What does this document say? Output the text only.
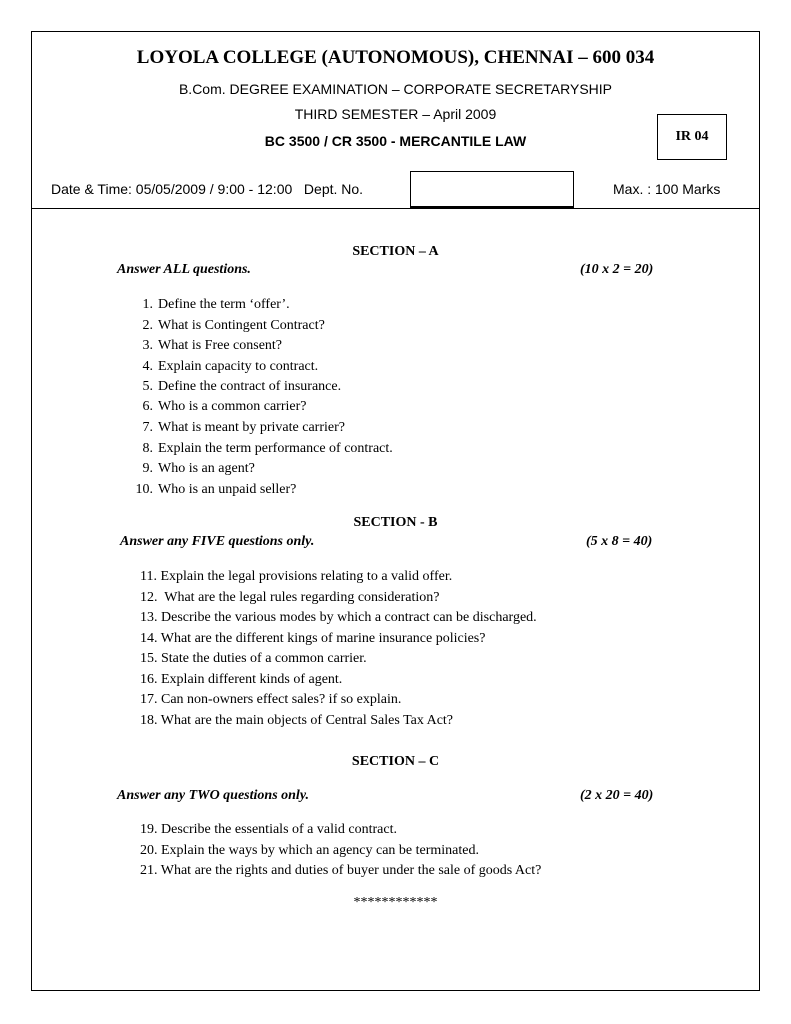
LOYOLA COLLEGE (AUTONOMOUS), CHENNAI – 600 034
B.Com. DEGREE EXAMINATION – CORPORATE SECRETARYSHIP
THIRD SEMESTER – April 2009
BC 3500 / CR 3500 - MERCANTILE LAW	IR 04
Date & Time: 05/05/2009 / 9:00 - 12:00   Dept. No.	Max. : 100 Marks
SECTION – A
Answer ALL questions.	(10 x 2 = 20)
1. Define the term ‘offer’.
2. What is Contingent Contract?
3. What is Free consent?
4. Explain capacity to contract.
5. Define the contract of insurance.
6. Who is a common carrier?
7. What is meant by private carrier?
8. Explain the term performance of contract.
9. Who is an agent?
10. Who is an unpaid seller?
SECTION - B
Answer any FIVE questions only.	(5 x 8 = 40)
11. Explain the legal provisions relating to a valid offer.
12.  What are the legal rules regarding consideration?
13. Describe the various modes by which a contract can be discharged.
14. What are the different kings of marine insurance policies?
15. State the duties of a common carrier.
16. Explain different kinds of agent.
17. Can non-owners effect sales? if so explain.
18. What are the main objects of Central Sales Tax Act?
SECTION – C
Answer any TWO questions only.	(2 x 20 = 40)
19. Describe the essentials of a valid contract.
20. Explain the ways by which an agency can be terminated.
21. What are the rights and duties of buyer under the sale of goods Act?
************
